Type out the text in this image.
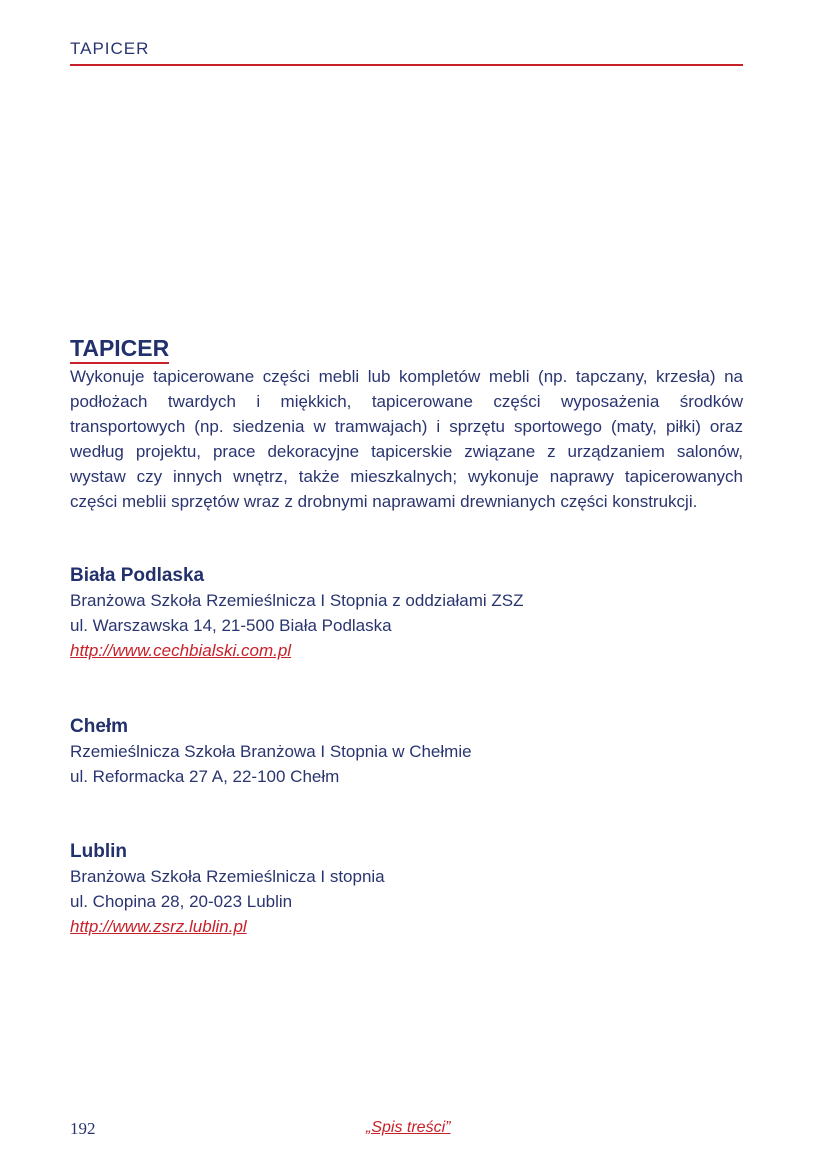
TAPICER
TAPICER

Wykonuje tapicerowane części mebli lub kompletów mebli (np. tapczany, krzesła) na podłożach twardych i miękkich, tapicerowane części wyposażenia środków transportowych (np. siedzenia w tramwajach) i sprzętu sportowego (maty, piłki) oraz według projektu, prace dekoracyjne tapicerskie związane z urządzaniem salonów, wystaw czy innych wnętrz, także mieszkalnych; wykonuje naprawy tapicerowanych części meblii sprzętów wraz z drobnymi naprawami drewnianych części konstrukcji.

Biała Podlaska
Branżowa Szkoła Rzemieślnicza I Stopnia z oddziałami ZSZ
ul. Warszawska 14, 21-500 Biała Podlaska
http://www.cechbialski.com.pl
Chełm
Rzemieślnicza Szkoła Branżowa I Stopnia w Chełmie
ul. Reformacka 27 A, 22-100 Chełm
Lublin
Branżowa Szkoła Rzemieślnicza I stopnia
ul. Chopina 28, 20-023 Lublin
http://www.zsrz.lublin.pl
192	„Spis treści”
